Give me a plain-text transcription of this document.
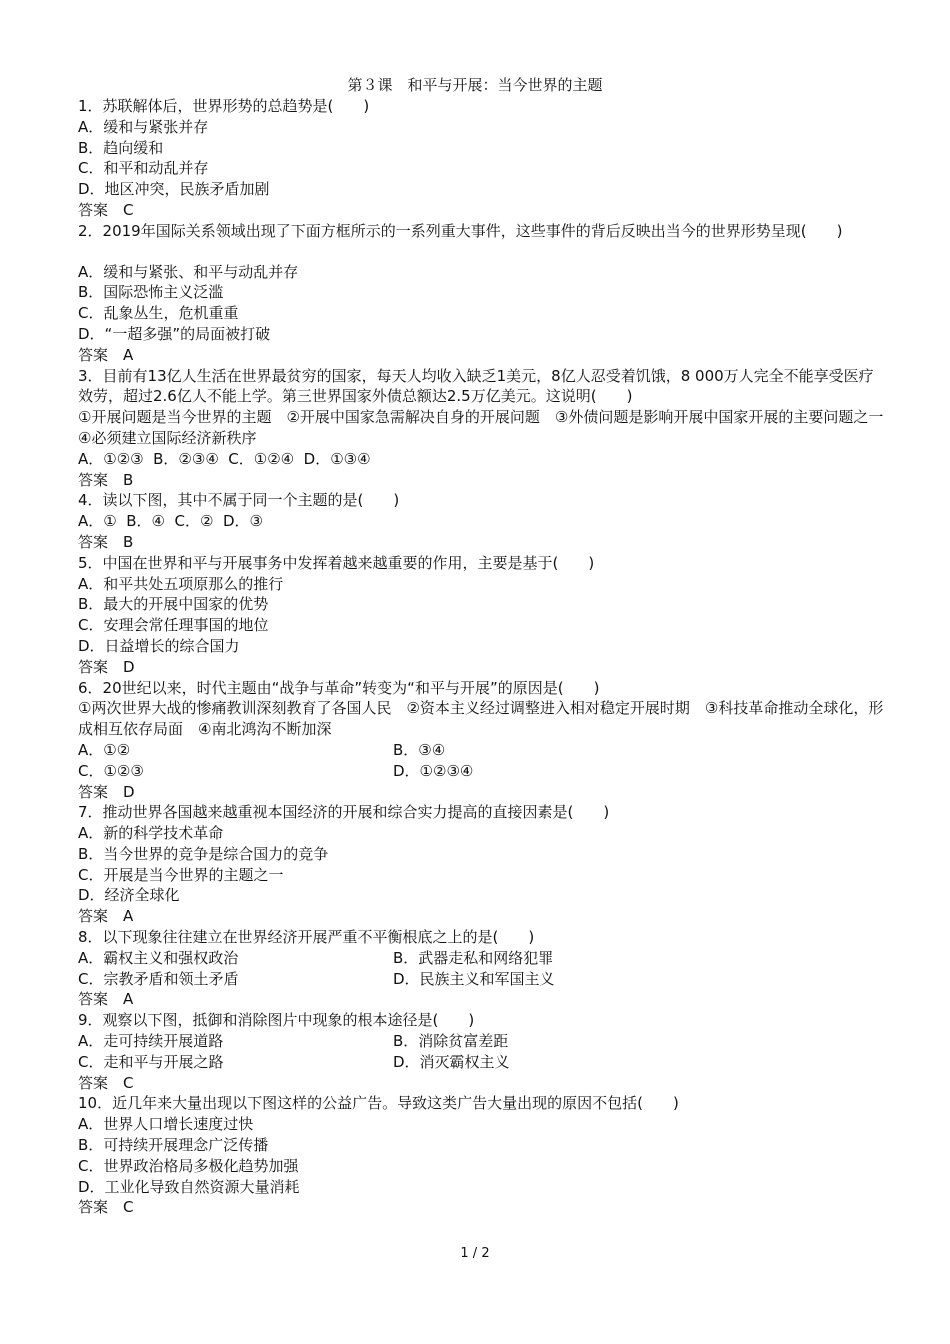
第３课　和平与开展：当今世界的主题
1．苏联解体后，世界形势的总趋势是(　　)
A．缓和与紧张并存
B．趋向缓和
C．和平和动乱并存
D．地区冲突，民族矛盾加剧
答案　C
2．2019年国际关系领域出现了下面方框所示的一系列重大事件，这些事件的背后反映出当今的世界形势呈现(　　)
A．缓和与紧张、和平与动乱并存
B．国际恐怖主义泛滥
C．乱象丛生，危机重重
D．“一超多强”的局面被打破
答案　A
3．目前有13亿人生活在世界最贫穷的国家，每天人均收入缺乏1美元，8亿人忍受着饥饿，8 000万人完全不能享受医疗效劳，超过2.6亿人不能上学。第三世界国家外债总额达2.5万亿美元。这说明(　　)
①开展问题是当今世界的主题　②开展中国家急需解决自身的开展问题　③外债问题是影响开展中国家开展的主要问题之一　④必须建立国际经济新秩序
A．①②③  B．②③④  C．①②④  D．①③④
答案　B
4．读以下图，其中不属于同一个主题的是(　　)
A．①  B．④  C．②  D．③
答案　B
5．中国在世界和平与开展事务中发挥着越来越重要的作用，主要是基于(　　)
A．和平共处五项原那么的推行
B．最大的开展中国家的优势
C．安理会常任理事国的地位
D．日益增长的综合国力
答案　D
6．20世纪以来，时代主题由“战争与革命”转变为“和平与开展”的原因是(　　)
①两次世界大战的惨痛教训深刻教育了各国人民　②资本主义经过调整进入相对稳定开展时期　③科技革命推动全球化，形成相互依存局面　④南北鸿沟不断加深
A．①②	B．③④
C．①②③	D．①②③④
答案　D
7．推动世界各国越来越重视本国经济的开展和综合实力提高的直接因素是(　　)
A．新的科学技术革命
B．当今世界的竞争是综合国力的竞争
C．开展是当今世界的主题之一
D．经济全球化
答案　A
8．以下现象往往建立在世界经济开展严重不平衡根底之上的是(　　)
A．霸权主义和强权政治	B．武器走私和网络犯罪
C．宗教矛盾和领土矛盾	D．民族主义和军国主义
答案　A
9．观察以下图，抵御和消除图片中现象的根本途径是(　　)
A．走可持续开展道路	B．消除贫富差距
C．走和平与开展之路	D．消灭霸权主义
答案　C
10．近几年来大量出现以下图这样的公益广告。导致这类广告大量出现的原因不包括(　　)
A．世界人口增长速度过快
B．可持续开展理念广泛传播
C．世界政治格局多极化趋势加强
D．工业化导致自然资源大量消耗
答案　C
1 / 2
